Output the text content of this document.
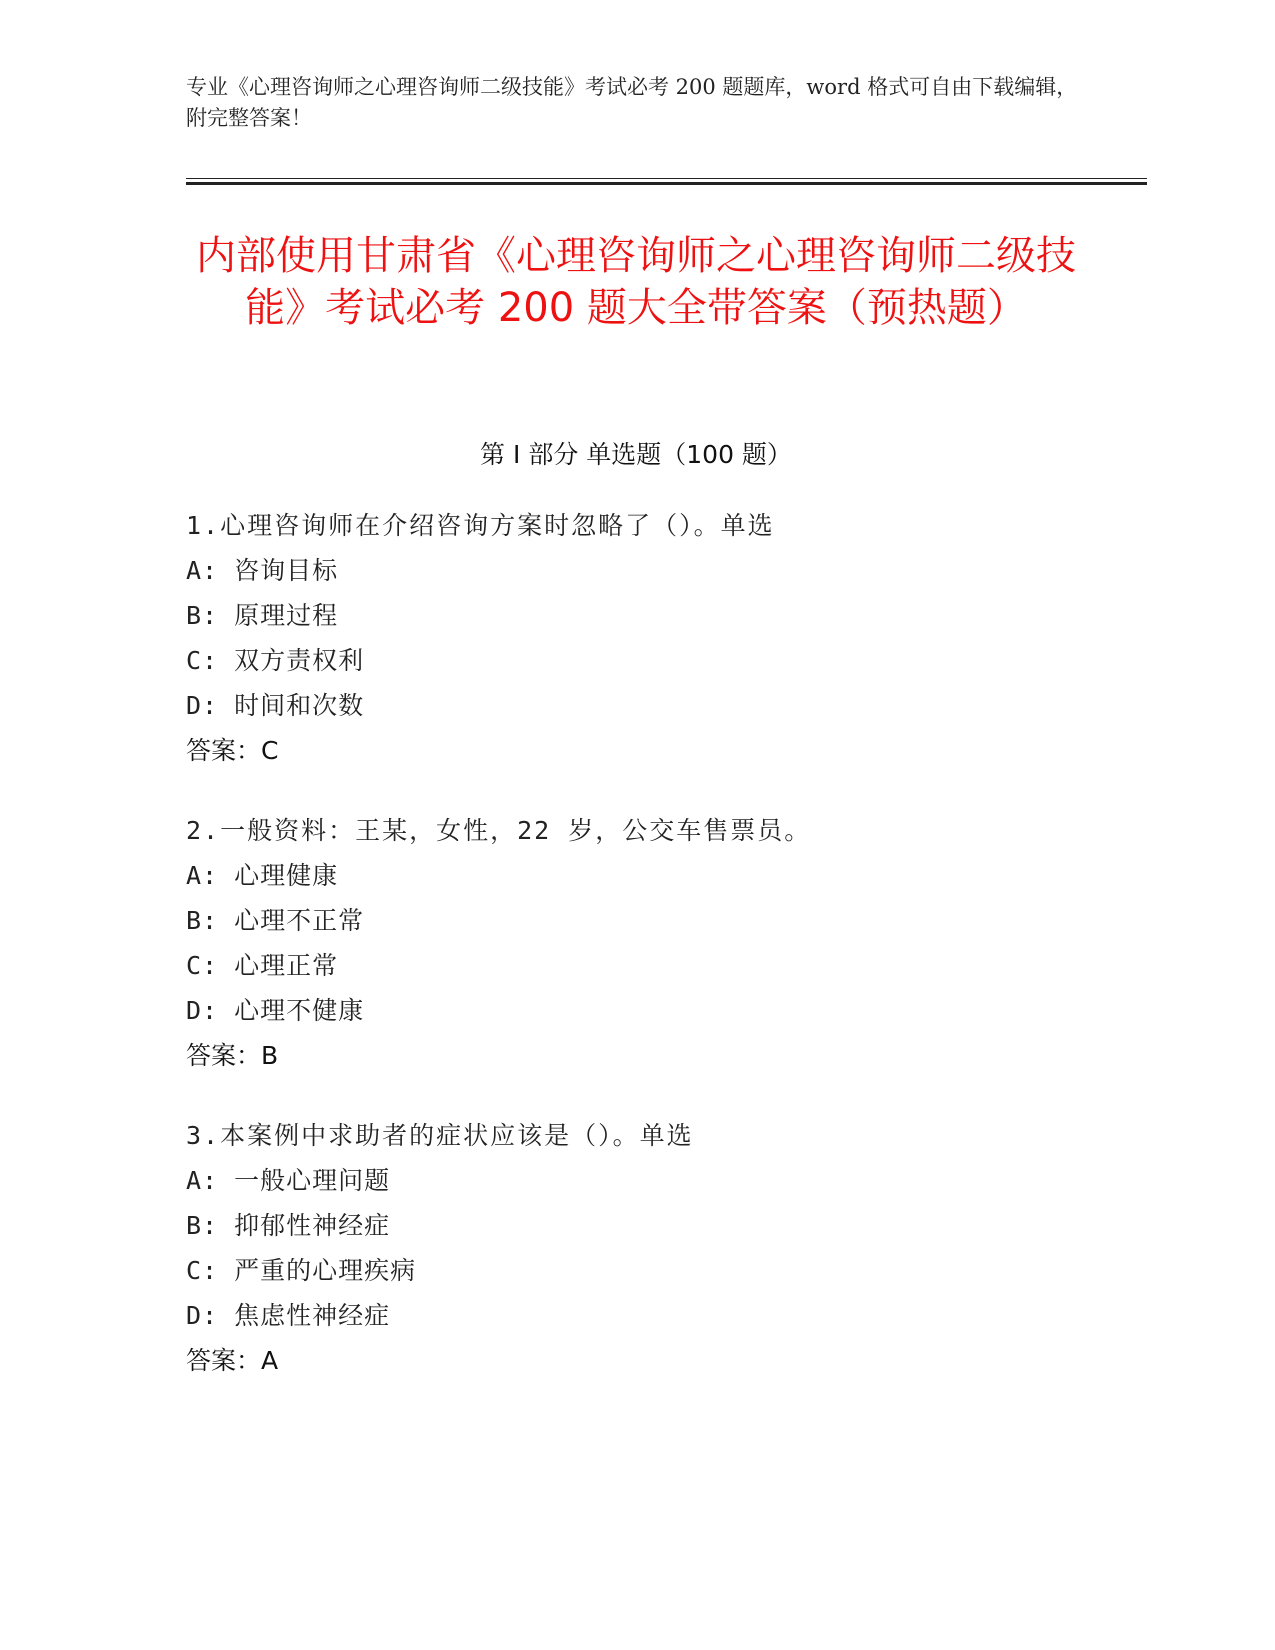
专业《心理咨询师之心理咨询师二级技能》考试必考 200 题题库，word 格式可自由下载编辑，附完整答案！
内部使用甘肃省《心理咨询师之心理咨询师二级技能》考试必考 200 题大全带答案（预热题）
第 I 部分 单选题（100 题）
1.心理咨询师在介绍咨询方案时忽略了（）。单选
A: 咨询目标
B: 原理过程
C: 双方责权利
D: 时间和次数
答案：C
2.一般资料：王某，女性，22 岁，公交车售票员。
A: 心理健康
B: 心理不正常
C: 心理正常
D: 心理不健康
答案：B
3.本案例中求助者的症状应该是（）。单选
A: 一般心理问题
B: 抑郁性神经症
C: 严重的心理疾病
D: 焦虑性神经症
答案：A
